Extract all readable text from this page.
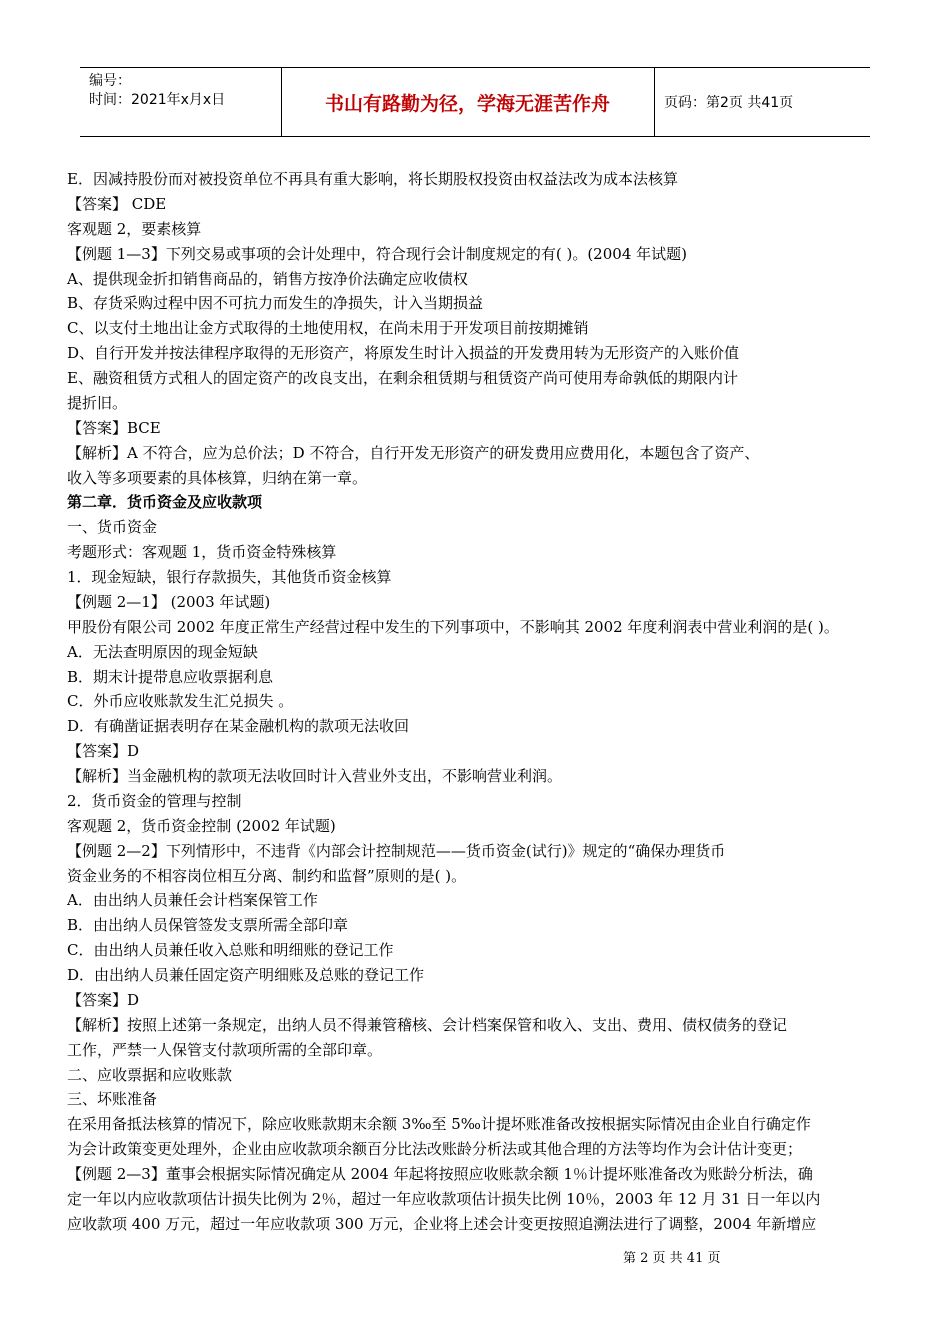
编号：
时间：2021年x月x日	书山有路勤为径，学海无涯苦作舟	页码：第2页 共41页
E．因减持股份而对被投资单位不再具有重大影响，将长期股权投资由权益法改为成本法核算
【答案】 CDE
客观题 2，要素核算
【例题 1—3】下列交易或事项的会计处理中，符合现行会计制度规定的有( )。(2004 年试题)
A、提供现金折扣销售商品的，销售方按净价法确定应收债权
B、存货采购过程中因不可抗力而发生的净损失，计入当期损益
C、以支付土地出让金方式取得的土地使用权，在尚未用于开发项目前按期摊销
D、自行开发并按法律程序取得的无形资产，将原发生时计入损益的开发费用转为无形资产的入账价值
E、融资租赁方式租人的固定资产的改良支出，在剩余租赁期与租赁资产尚可使用寿命孰低的期限内计
提折旧。
【答案】BCE
【解析】A 不符合，应为总价法；D 不符合，自行开发无形资产的研发费用应费用化，本题包含了资产、
收入等多项要素的具体核算，归纳在第一章。
第二章．货币资金及应收款项
一、货币资金
考题形式：客观题 1，货币资金特殊核算
1．现金短缺，银行存款损失，其他货币资金核算
【例题 2—1】 (2003 年试题)
甲股份有限公司 2002 年度正常生产经营过程中发生的下列事项中，不影响其 2002 年度利润表中营业利润的是( )。
A．无法查明原因的现金短缺
B．期末计提带息应收票据利息
C．外币应收账款发生汇兑损失 。
D．有确凿证据表明存在某金融机构的款项无法收回
【答案】D
【解析】当金融机构的款项无法收回时计入营业外支出，不影响营业利润。
2．货币资金的管理与控制
客观题 2，货币资金控制 (2002 年试题)
【例题 2—2】下列情形中，不违背《内部会计控制规范——货币资金(试行)》规定的“确保办理货币
资金业务的不相容岗位相互分离、制约和监督”原则的是( )。
A．由出纳人员兼任会计档案保管工作
B．由出纳人员保管签发支票所需全部印章
C．由出纳人员兼任收入总账和明细账的登记工作
D．由出纳人员兼任固定资产明细账及总账的登记工作
【答案】D
【解析】按照上述第一条规定，出纳人员不得兼管稽核、会计档案保管和收入、支出、费用、债权债务的登记
工作，严禁一人保管支付款项所需的全部印章。
二、应收票据和应收账款
三、坏账准备
在采用备抵法核算的情况下，除应收账款期末余额 3‰至 5‰计提坏账准备改按根据实际情况由企业自行确定作
为会计政策变更处理外，企业由应收款项余额百分比法改账龄分析法或其他合理的方法等均作为会计估计变更；
【例题 2—3】董事会根据实际情况确定从 2004 年起将按照应收账款余额 1％计提坏账准备改为账龄分析法，确
定一年以内应收款项估计损失比例为 2％，超过一年应收款项估计损失比例 10％，2003 年 12 月 31 日一年以内
应收款项 400 万元，超过一年应收款项 300 万元，企业将上述会计变更按照追溯法进行了调整，2004 年新增应
第 2 页 共 41 页
